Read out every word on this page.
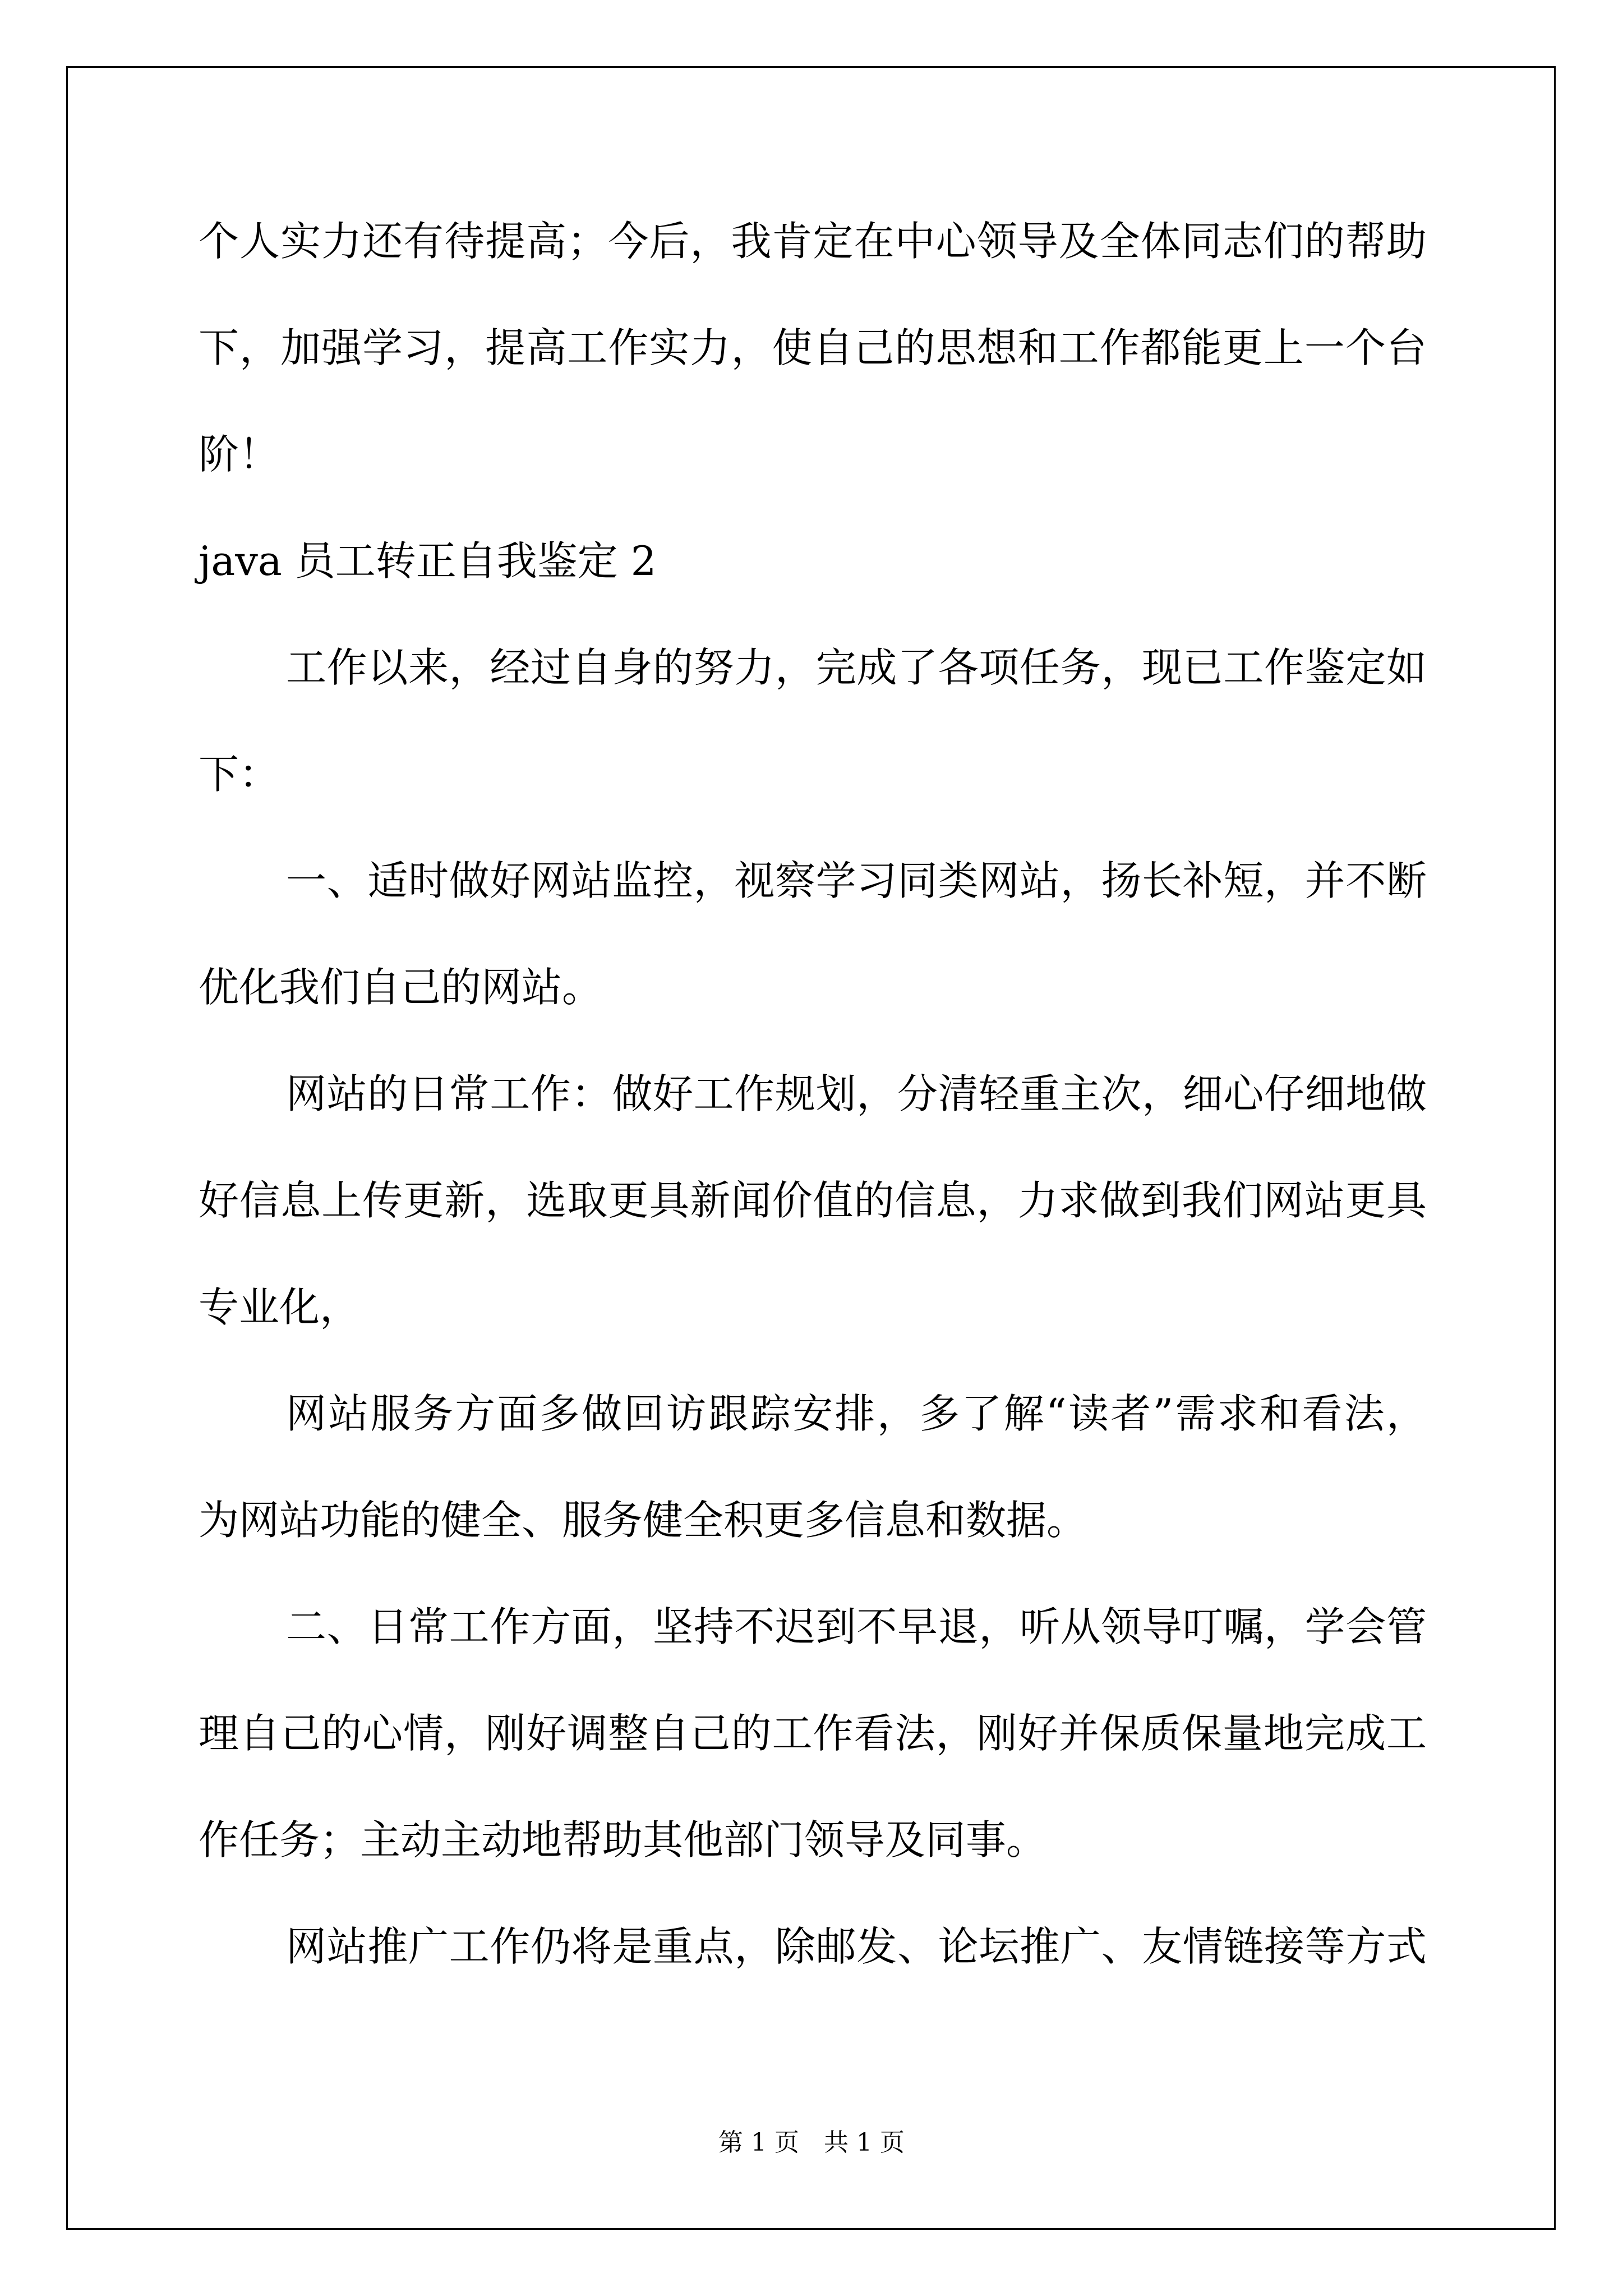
个人实力还有待提高；今后，我肯定在中心领导及全体同志们的帮助
下，加强学习，提高工作实力，使自己的思想和工作都能更上一个台
阶！
java 员工转正自我鉴定 2
工作以来，经过自身的努力，完成了各项任务，现已工作鉴定如
下：
一、适时做好网站监控，视察学习同类网站，扬长补短，并不断
优化我们自己的网站。
网站的日常工作：做好工作规划，分清轻重主次，细心仔细地做
好信息上传更新，选取更具新闻价值的信息，力求做到我们网站更具
专业化，
网站服务方面多做回访跟踪安排，多了解“读者”需求和看法，
为网站功能的健全、服务健全积更多信息和数据。
二、日常工作方面，坚持不迟到不早退，听从领导叮嘱，学会管
理自己的心情，刚好调整自己的工作看法，刚好并保质保量地完成工
作任务；主动主动地帮助其他部门领导及同事。
网站推广工作仍将是重点，除邮发、论坛推广、友情链接等方式
第 1 页　共 1 页
